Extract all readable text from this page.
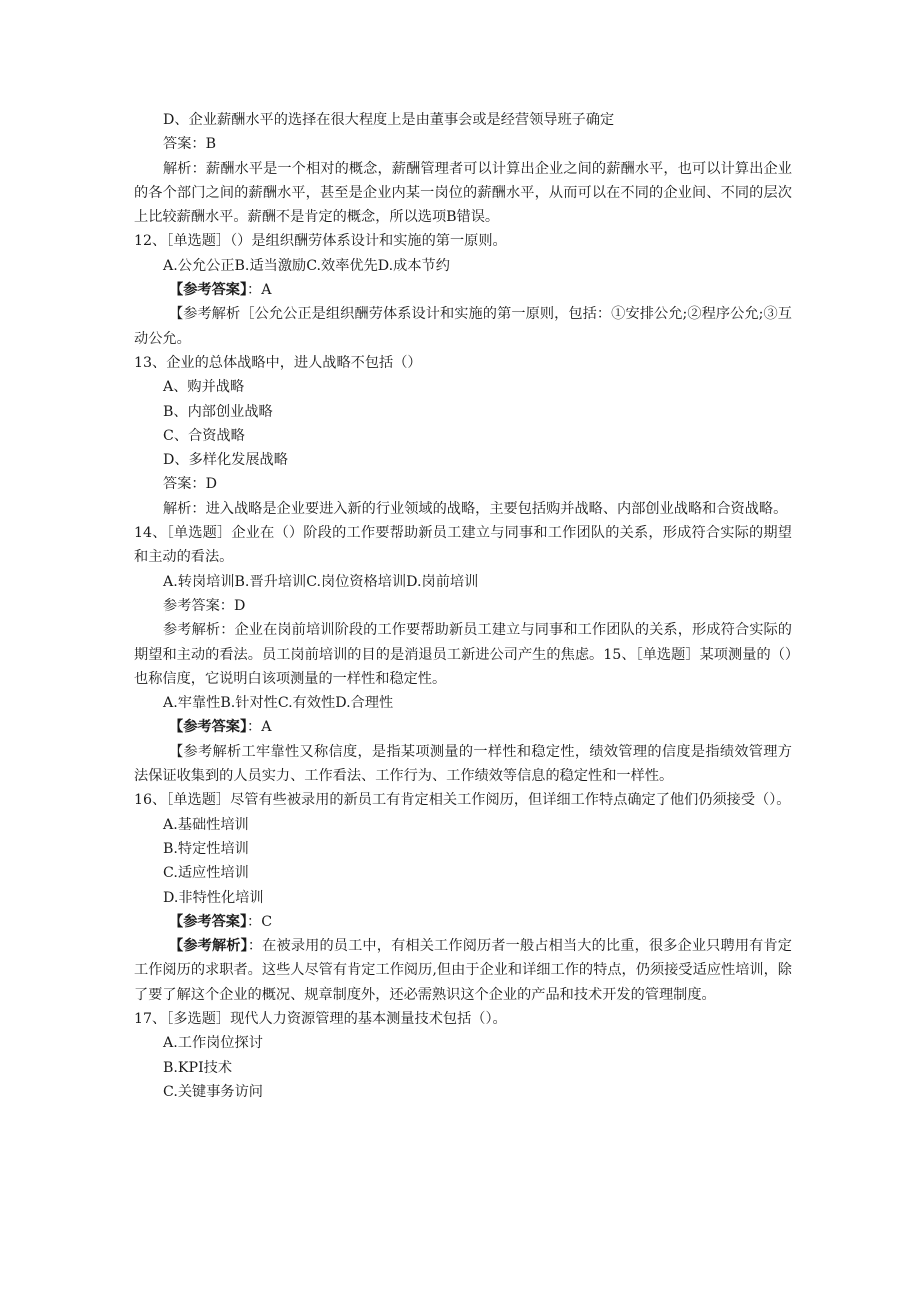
D、企业薪酬水平的选择在很大程度上是由董事会或是经营领导班子确定
答案：B
解析：薪酬水平是一个相对的概念，薪酬管理者可以计算出企业之间的薪酬水平，也可以计算出企业的各个部门之间的薪酬水平，甚至是企业内某一岗位的薪酬水平，从而可以在不同的企业间、不同的层次上比较薪酬水平。薪酬不是肯定的概念，所以选项B错误。
12、［单选题］（）是组织酬劳体系设计和实施的第一原则。
A.公允公正B.适当激励C.效率优先D.成本节约
【参考答案】：A
【参考解析［公允公正是组织酬劳体系设计和实施的第一原则，包括：①安排公允;②程序公允;③互动公允。
13、企业的总体战略中，进人战略不包括（）
A、购并战略
B、内部创业战略
C、合资战略
D、多样化发展战略
答案：D
解析：进入战略是企业要进入新的行业领域的战略，主要包括购并战略、内部创业战略和合资战略。
14、［单选题］企业在（）阶段的工作要帮助新员工建立与同事和工作团队的关系，形成符合实际的期望和主动的看法。
A.转岗培训B.晋升培训C.岗位资格培训D.岗前培训
参考答案：D
参考解析：企业在岗前培训阶段的工作要帮助新员工建立与同事和工作团队的关系，形成符合实际的期望和主动的看法。员工岗前培训的目的是消退员工新进公司产生的焦虑。15、［单选题］某项测量的（）也称信度，它说明白该项测量的一样性和稳定性。
A.牢靠性B.针对性C.有效性D.合理性
【参考答案】：A
【参考解析工牢靠性又称信度，是指某项测量的一样性和稳定性，绩效管理的信度是指绩效管理方法保证收集到的人员实力、工作看法、工作行为、工作绩效等信息的稳定性和一样性。
16、［单选题］尽管有些被录用的新员工有肯定相关工作阅历，但详细工作特点确定了他们仍须接受（）。
A.基础性培训
B.特定性培训
C.适应性培训
D.非特性化培训
【参考答案】：C
【参考解析】：在被录用的员工中，有相关工作阅历者一般占相当大的比重，很多企业只聘用有肯定工作阅历的求职者。这些人尽管有肯定工作阅历,但由于企业和详细工作的特点，仍须接受适应性培训，除了要了解这个企业的概况、规章制度外，还必需熟识这个企业的产品和技术开发的管理制度。
17、［多选题］现代人力资源管理的基本测量技术包括（）。
A.工作岗位探讨
B.KPI技术
C.关键事务访问
